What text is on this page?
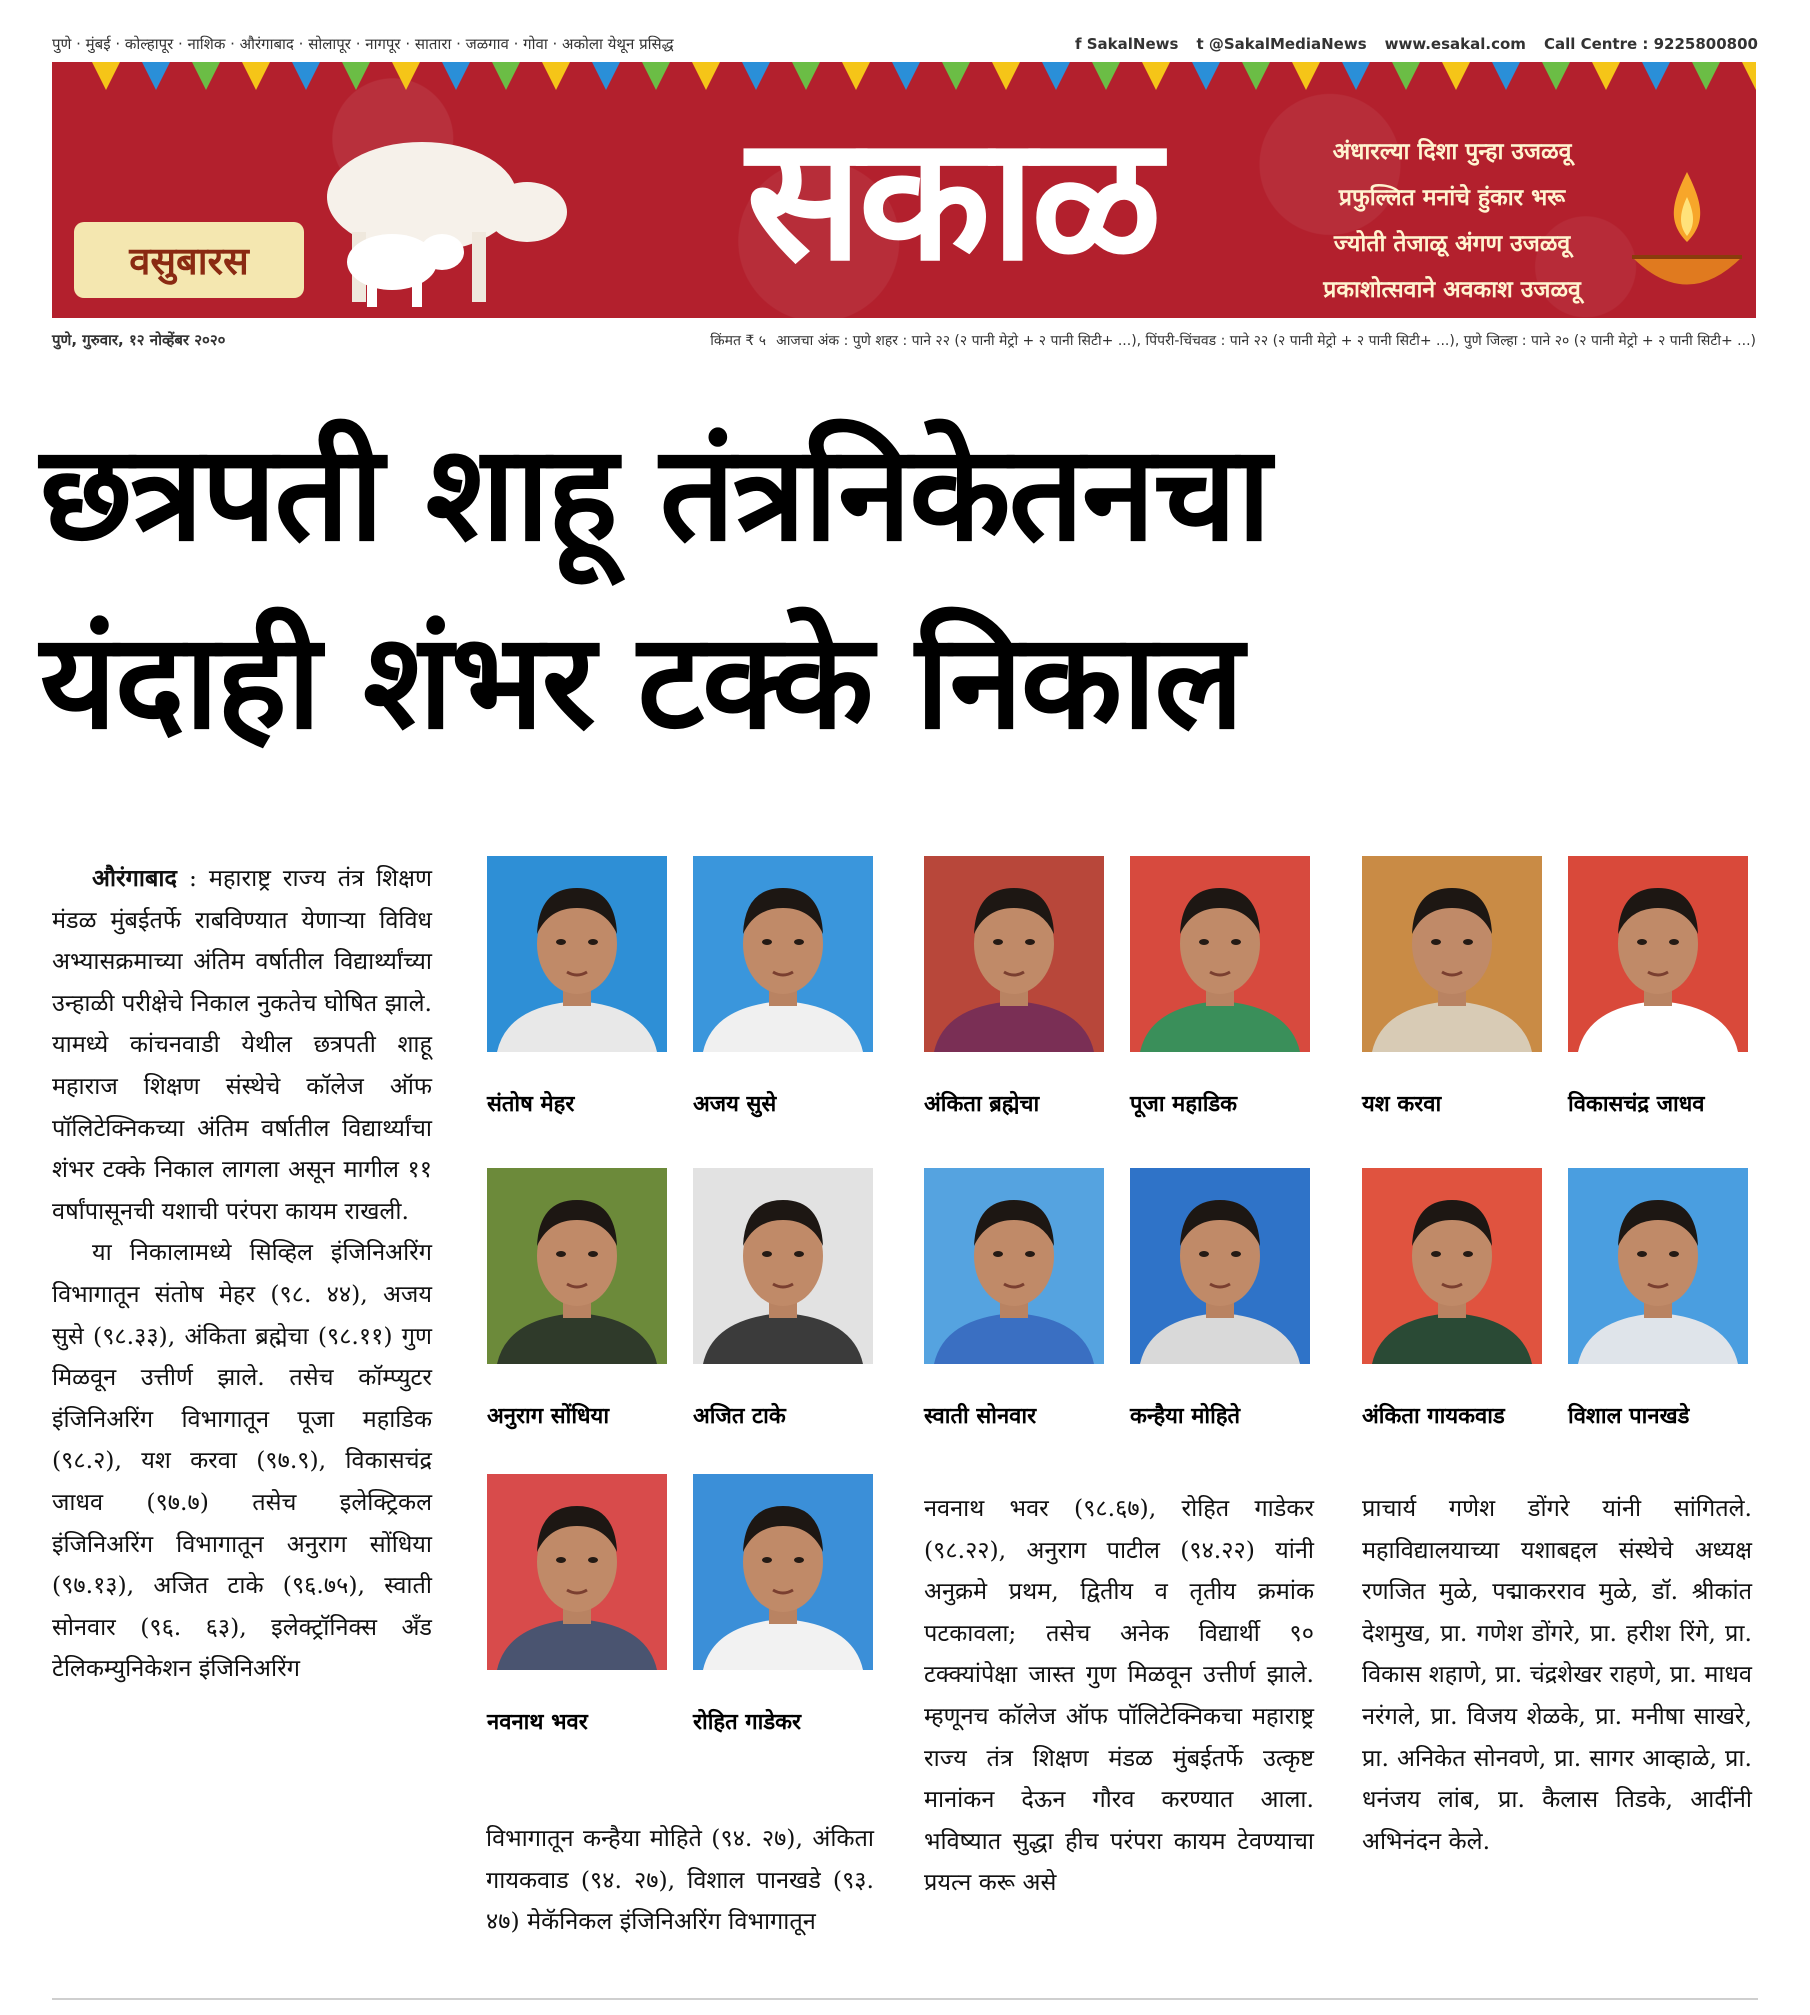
पुणे · मुंबई · कोल्हापूर · नाशिक · औरंगाबाद · सोलापूर · नागपूर · सातारा · जळगाव · गोवा · अकोला येथून प्रसिद्ध	f SakalNews t @SakalMediaNews www.esakal.com Call Centre : 9225800800
वसुबारस	सकाळ	अंधारल्या दिशा पुन्हा उजळवू
प्रफुल्लित मनांचे हुंकार भरू
ज्योती तेजाळू अंगण उजळवू
प्रकाशोत्सवाने अवकाश उजळवू
पुणे, गुरुवार, १२ नोव्हेंबर २०२०	किंमत ₹ ५ आजचा अंक : पुणे शहर : पाने २२ (२ पानी मेट्रो + २ पानी सिटी+ ...), पिंपरी-चिंचवड : पाने २२ (२ पानी मेट्रो + २ पानी सिटी+ ...), पुणे जिल्हा : पाने २० (२ पानी मेट्रो + २ पानी सिटी+ ...)
छत्रपती शाहू तंत्रनिकेतनचा
यंदाही शंभर टक्के निकाल

औरंगाबाद : महाराष्ट्र राज्य तंत्र शिक्षण मंडळ मुंबईतर्फे राबविण्यात येणाऱ्या विविध अभ्यासक्रमाच्या अंतिम वर्षातील विद्यार्थ्यांच्या उन्हाळी परीक्षेचे निकाल नुकतेच घोषित झाले. यामध्ये कांचनवाडी येथील छत्रपती शाहू महाराज शिक्षण संस्थेचे कॉलेज ऑफ पॉलिटेक्निकच्या अंतिम वर्षातील विद्यार्थ्यांचा शंभर टक्के निकाल लागला असून मागील ११ वर्षांपासूनची यशाची परंपरा कायम राखली.

या निकालामध्ये सिव्हिल इंजिनिअरिंग विभागातून संतोष मेहर (९८. ४४), अजय सुसे (९८.३३), अंकिता ब्रह्मेचा (९८.११) गुण मिळवून उत्तीर्ण झाले. तसेच कॉम्प्युटर इंजिनिअरिंग विभागातून पूजा महाडिक (९८.२), यश करवा (९७.९), विकासचंद्र जाधव (९७.७) तसेच इलेक्ट्रिकल इंजिनिअरिंग विभागातून अनुराग सोंधिया (९७.१३), अजित टाके (९६.७५), स्वाती सोनवार (९६. ६३), इलेक्ट्रॉनिक्स अँड टेलिकम्युनिकेशन इंजिनिअरिंग

विभागातून कन्हैया मोहिते (९४. २७), अंकिता गायकवाड (९४. २७), विशाल पानखडे (९३. ४७) मेकॅनिकल इंजिनिअरिंग विभागातून

नवनाथ भवर (९८.६७), रोहित गाडेकर (९८.२२), अनुराग पाटील (९४.२२) यांनी अनुक्रमे प्रथम, द्वितीय व तृतीय क्रमांक पटकावला; तसेच अनेक विद्यार्थी ९० टक्क्यांपेक्षा जास्त गुण मिळवून उत्तीर्ण झाले. म्हणूनच कॉलेज ऑफ पॉलिटेक्निकचा महाराष्ट्र राज्य तंत्र शिक्षण मंडळ मुंबईतर्फे उत्कृष्ट मानांकन देऊन गौरव करण्यात आला. भविष्यात सुद्धा हीच परंपरा कायम टेवण्याचा प्रयत्न करू असे

प्राचार्य गणेश डोंगरे यांनी सांगितले. महाविद्यालयाच्या यशाबद्दल संस्थेचे अध्यक्ष रणजित मुळे, पद्माकरराव मुळे, डॉ. श्रीकांत देशमुख, प्रा. गणेश डोंगरे, प्रा. हरीश रिंगे, प्रा. विकास शहाणे, प्रा. चंद्रशेखर राहणे, प्रा. माधव नरंगले, प्रा. विजय शेळके, प्रा. मनीषा साखरे, प्रा. अनिकेत सोनवणे, प्रा. सागर आव्हाळे, प्रा. धनंजय लांब, प्रा. कैलास तिडके, आदींनी अभिनंदन केले.

संतोष मेहर	अजय सुसे	अंकिता ब्रह्मेचा	पूजा महाडिक	यश करवा	विकासचंद्र जाधव
अनुराग सोंधिया	अजित टाके	स्वाती सोनवार	कन्हैया मोहिते	अंकिता गायकवाड	विशाल पानखडे
नवनाथ भवर	रोहित गाडेकर
